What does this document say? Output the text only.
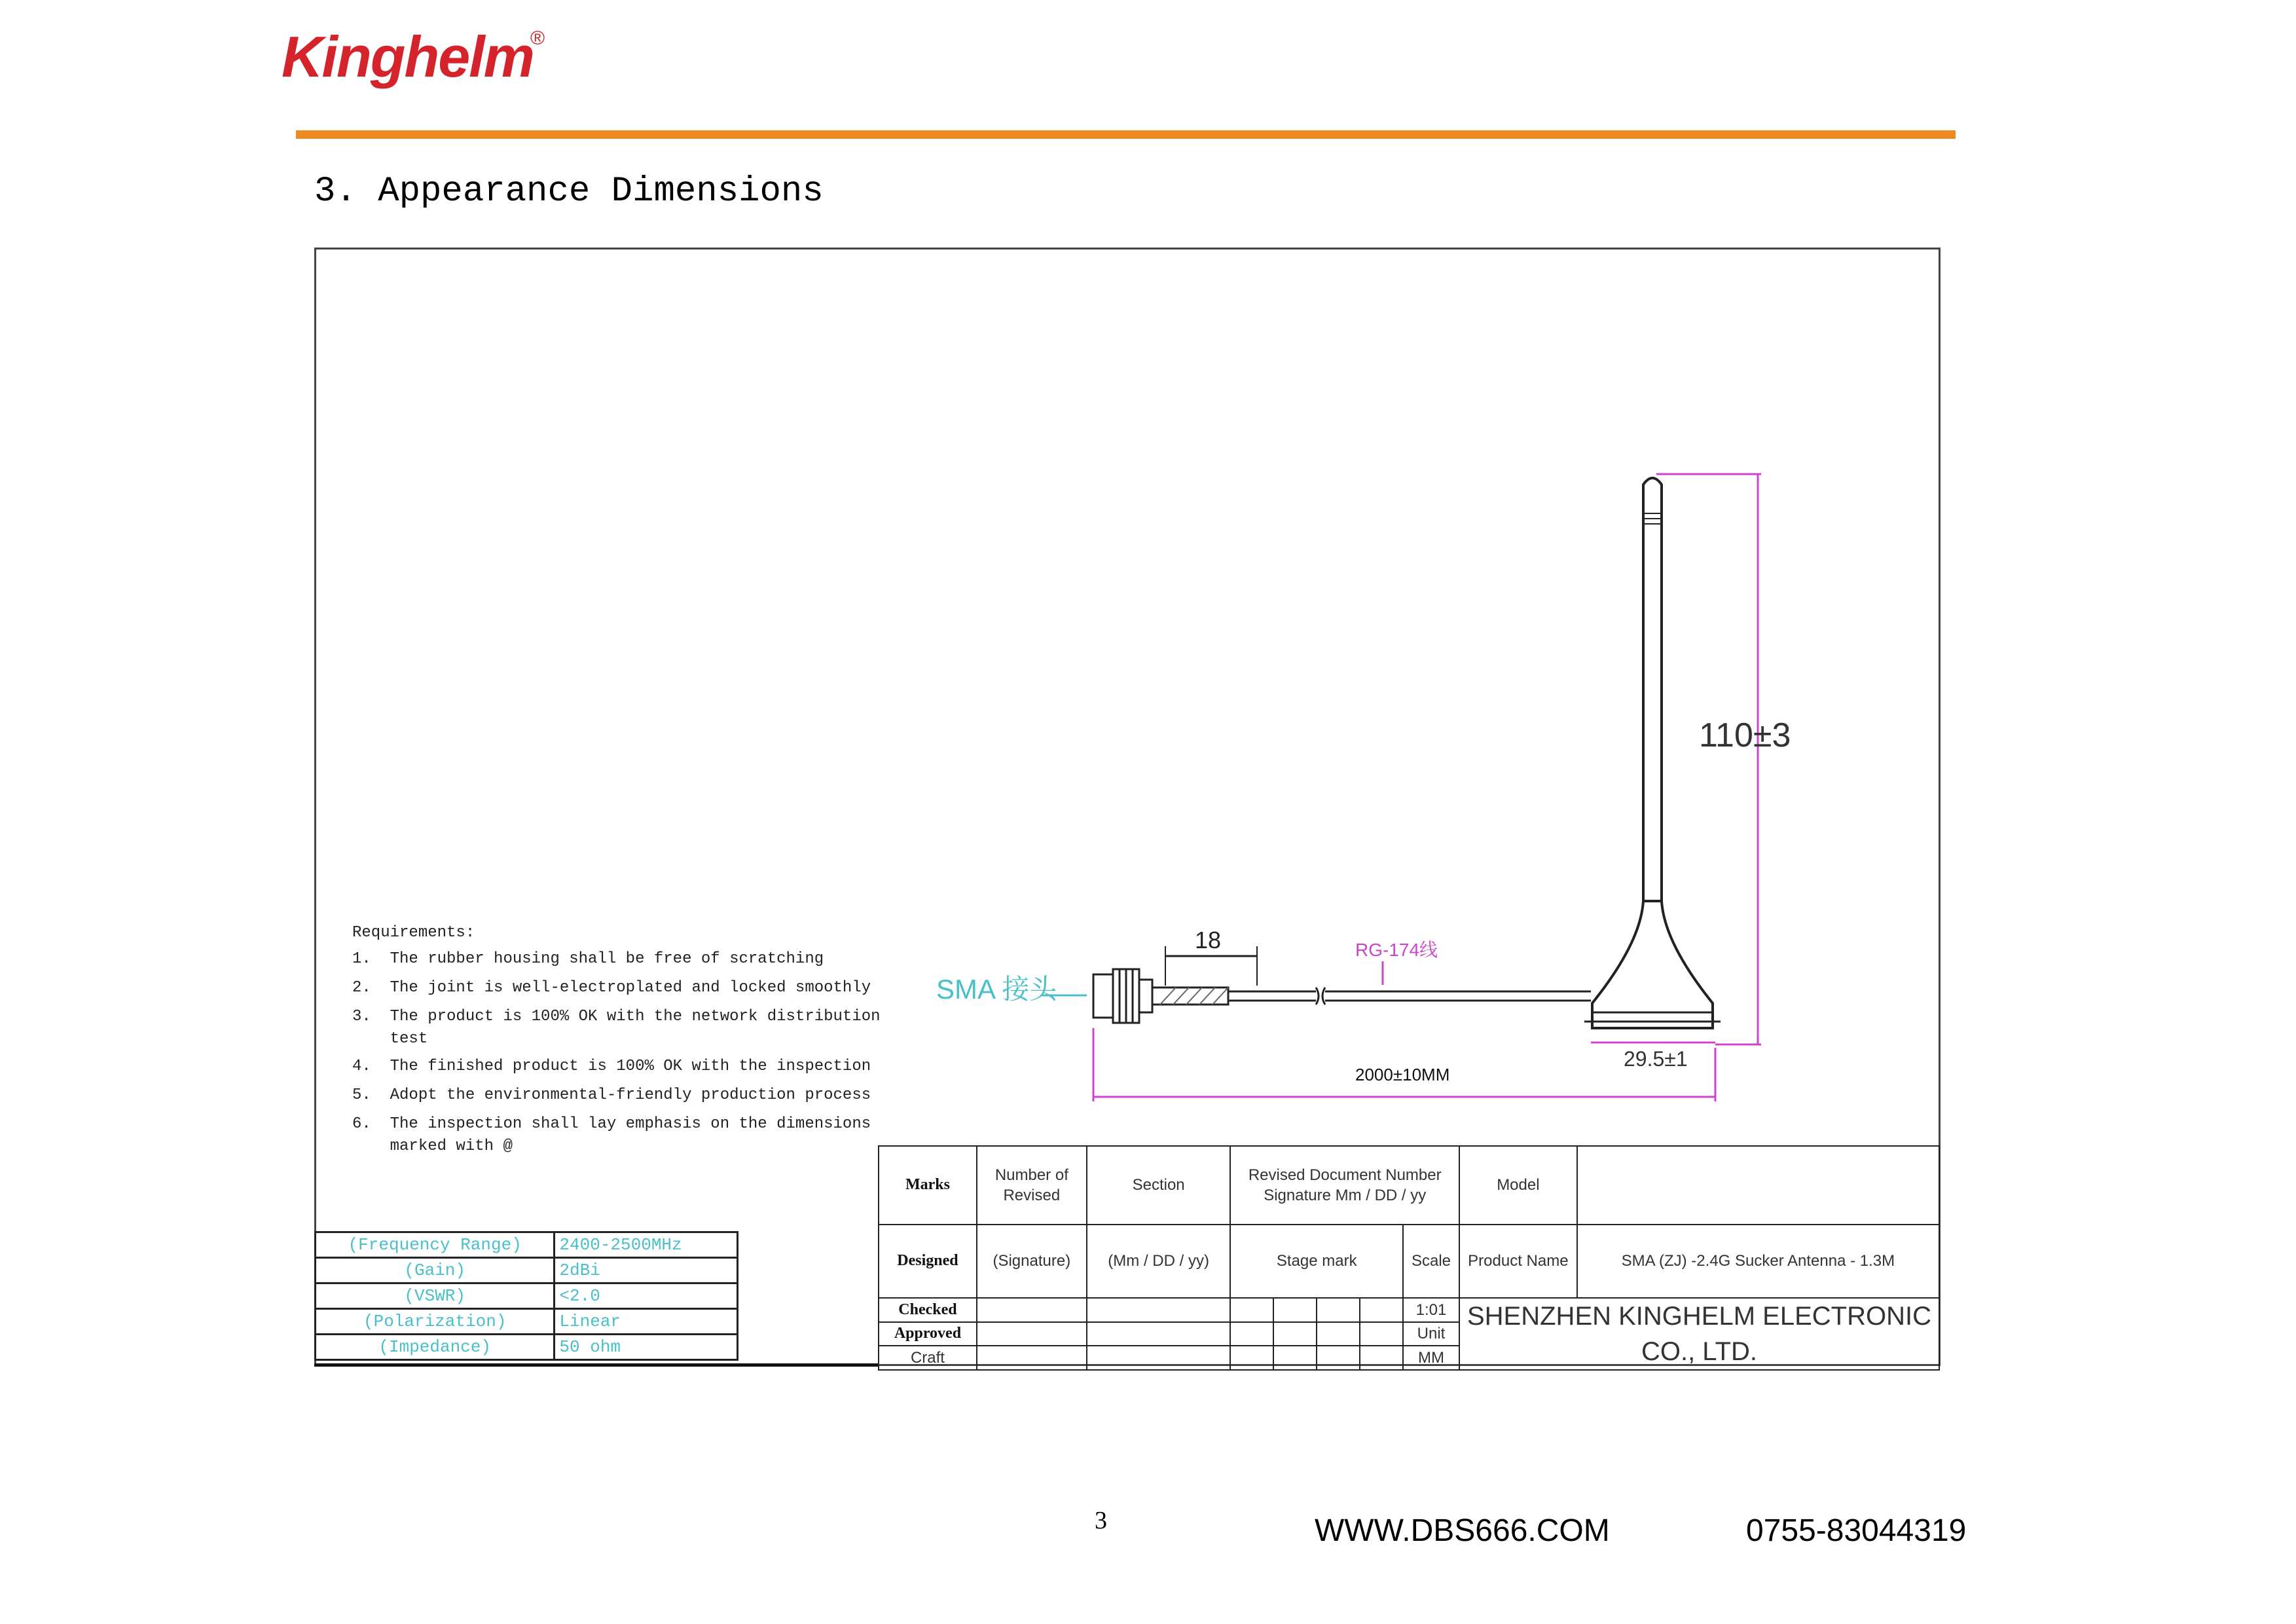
Kinghelm
®
3. Appearance Dimensions
Requirements:
1.  The rubber housing shall be free of scratching
2.  The joint is well-electroplated and locked smoothly
3.  The product is 100% OK with the network distribution
test
4.  The finished product is 100% OK with the inspection
5.  Adopt the environmental-friendly production process
6.  The inspection shall lay emphasis on the dimensions
marked with @
SMA 接头
18	RG-174线
110±3
29.5±1
2000±10MM
(Frequency Range)	2400-2500MHz
(Gain)	2dBi
(VSWR)	<2.0
(Polarization)	Linear
(Impedance)	50 ohm
Marks	Number of Revised	Section	Revised Document Number Signature Mm / DD / yy					Model	
Designed	(Signature)	(Mm / DD / yy)	Stage mark				Scale	Product Name	SMA (ZJ) -2.4G Sucker Antenna - 1.3M
Checked							1:01	SHENZHEN KINGHELM ELECTRONIC
CO., LTD.	
Approved							Unit		
Craft							MM		
3	WWW.DBS666.COM	0755-83044319
